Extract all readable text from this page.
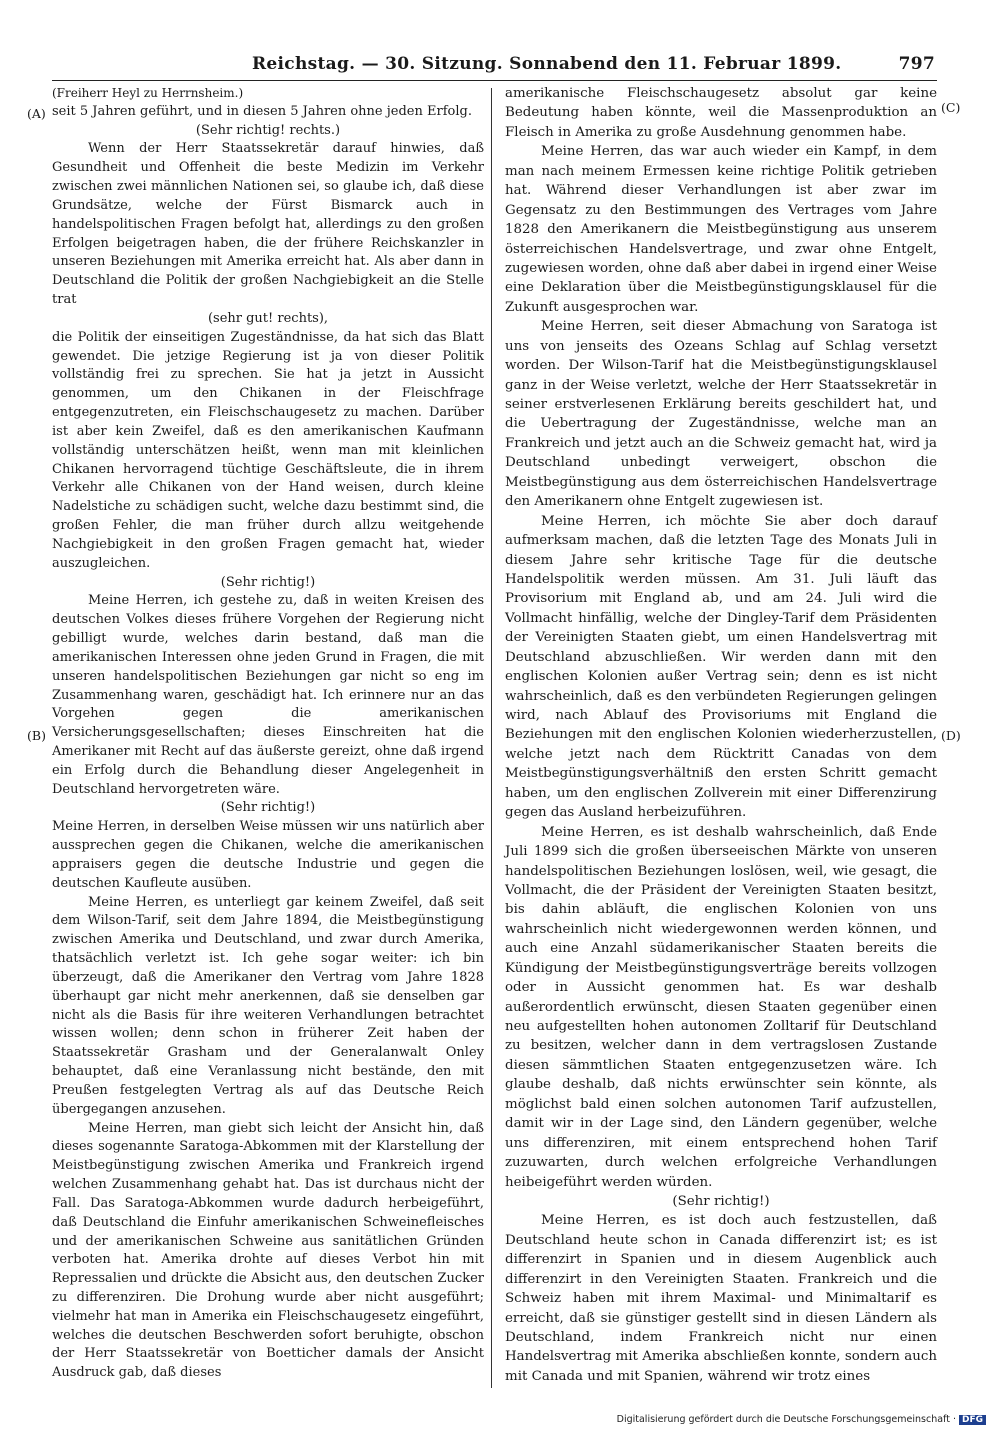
Reichstag. — 30. Sitzung. Sonnabend den 11. Februar 1899.	797
(A)
(B)
(C)
(D)

(Freiherr Heyl zu Herrnsheim.)

seit 5 Jahren geführt, und in diesen 5 Jahren ohne jeden Erfolg.

(Sehr richtig! rechts.)

Wenn der Herr Staatssekretär darauf hinwies, daß Gesundheit und Offenheit die beste Medizin im Verkehr zwischen zwei männlichen Nationen sei, so glaube ich, daß diese Grundsätze, welche der Fürst Bismarck auch in handelspolitischen Fragen befolgt hat, allerdings zu den großen Erfolgen beigetragen haben, die der frühere Reichskanzler in unseren Beziehungen mit Amerika erreicht hat. Als aber dann in Deutschland die Politik der großen Nachgiebigkeit an die Stelle trat

(sehr gut! rechts),

die Politik der einseitigen Zugeständnisse, da hat sich das Blatt gewendet. Die jetzige Regierung ist ja von dieser Politik vollständig frei zu sprechen. Sie hat ja jetzt in Aussicht genommen, um den Chikanen in der Fleischfrage entgegenzutreten, ein Fleischschaugesetz zu machen. Darüber ist aber kein Zweifel, daß es den amerikanischen Kaufmann vollständig unterschätzen heißt, wenn man mit kleinlichen Chikanen hervorragend tüchtige Geschäftsleute, die in ihrem Verkehr alle Chikanen von der Hand weisen, durch kleine Nadelstiche zu schädigen sucht, welche dazu bestimmt sind, die großen Fehler, die man früher durch allzu weitgehende Nachgiebigkeit in den großen Fragen gemacht hat, wieder auszugleichen.

(Sehr richtig!)

Meine Herren, ich gestehe zu, daß in weiten Kreisen des deutschen Volkes dieses frühere Vorgehen der Regierung nicht gebilligt wurde, welches darin bestand, daß man die amerikanischen Interessen ohne jeden Grund in Fragen, die mit unseren handelspolitischen Beziehungen gar nicht so eng im Zusammenhang waren, geschädigt hat. Ich erinnere nur an das Vorgehen gegen die amerikanischen Versicherungsgesellschaften; dieses Einschreiten hat die Amerikaner mit Recht auf das äußerste gereizt, ohne daß irgend ein Erfolg durch die Behandlung dieser Angelegenheit in Deutschland hervorgetreten wäre.

(Sehr richtig!)

Meine Herren, in derselben Weise müssen wir uns natürlich aber aussprechen gegen die Chikanen, welche die amerikanischen appraisers gegen die deutsche Industrie und gegen die deutschen Kaufleute ausüben.

Meine Herren, es unterliegt gar keinem Zweifel, daß seit dem Wilson-Tarif, seit dem Jahre 1894, die Meistbegünstigung zwischen Amerika und Deutschland, und zwar durch Amerika, thatsächlich verletzt ist. Ich gehe sogar weiter: ich bin überzeugt, daß die Amerikaner den Vertrag vom Jahre 1828 überhaupt gar nicht mehr anerkennen, daß sie denselben gar nicht als die Basis für ihre weiteren Verhandlungen betrachtet wissen wollen; denn schon in früherer Zeit haben der Staatssekretär Grasham und der Generalanwalt Onley behauptet, daß eine Veranlassung nicht bestände, den mit Preußen festgelegten Vertrag als auf das Deutsche Reich übergegangen anzusehen.

Meine Herren, man giebt sich leicht der Ansicht hin, daß dieses sogenannte Saratoga-Abkommen mit der Klarstellung der Meistbegünstigung zwischen Amerika und Frankreich irgend welchen Zusammenhang gehabt hat. Das ist durchaus nicht der Fall. Das Saratoga-Abkommen wurde dadurch herbeigeführt, daß Deutschland die Einfuhr amerikanischen Schweinefleisches und der amerikanischen Schweine aus sanitätlichen Gründen verboten hat. Amerika drohte auf dieses Verbot hin mit Repressalien und drückte die Absicht aus, den deutschen Zucker zu differenziren. Die Drohung wurde aber nicht ausgeführt; vielmehr hat man in Amerika ein Fleischschaugesetz eingeführt, welches die deutschen Beschwerden sofort beruhigte, obschon der Herr Staatssekretär von Boetticher damals der Ansicht Ausdruck gab, daß dieses

amerikanische Fleischschaugesetz absolut gar keine Bedeutung haben könnte, weil die Massenproduktion an Fleisch in Amerika zu große Ausdehnung genommen habe.

Meine Herren, das war auch wieder ein Kampf, in dem man nach meinem Ermessen keine richtige Politik getrieben hat. Während dieser Verhandlungen ist aber zwar im Gegensatz zu den Bestimmungen des Vertrages vom Jahre 1828 den Amerikanern die Meistbegünstigung aus unserem österreichischen Handelsvertrage, und zwar ohne Entgelt, zugewiesen worden, ohne daß aber dabei in irgend einer Weise eine Deklaration über die Meistbegünstigungsklausel für die Zukunft ausgesprochen war.

Meine Herren, seit dieser Abmachung von Saratoga ist uns von jenseits des Ozeans Schlag auf Schlag versetzt worden. Der Wilson-Tarif hat die Meistbegünstigungsklausel ganz in der Weise verletzt, welche der Herr Staatssekretär in seiner erstverlesenen Erklärung bereits geschildert hat, und die Uebertragung der Zugeständnisse, welche man an Frankreich und jetzt auch an die Schweiz gemacht hat, wird ja Deutschland unbedingt verweigert, obschon die Meistbegünstigung aus dem österreichischen Handelsvertrage den Amerikanern ohne Entgelt zugewiesen ist.

Meine Herren, ich möchte Sie aber doch darauf aufmerksam machen, daß die letzten Tage des Monats Juli in diesem Jahre sehr kritische Tage für die deutsche Handelspolitik werden müssen. Am 31. Juli läuft das Provisorium mit England ab, und am 24. Juli wird die Vollmacht hinfällig, welche der Dingley-Tarif dem Präsidenten der Vereinigten Staaten giebt, um einen Handelsvertrag mit Deutschland abzuschließen. Wir werden dann mit den englischen Kolonien außer Vertrag sein; denn es ist nicht wahrscheinlich, daß es den verbündeten Regierungen gelingen wird, nach Ablauf des Provisoriums mit England die Beziehungen mit den englischen Kolonien wiederherzustellen, welche jetzt nach dem Rücktritt Canadas von dem Meistbegünstigungsverhältniß den ersten Schritt gemacht haben, um den englischen Zollverein mit einer Differenzirung gegen das Ausland herbeizuführen.

Meine Herren, es ist deshalb wahrscheinlich, daß Ende Juli 1899 sich die großen überseeischen Märkte von unseren handelspolitischen Beziehungen loslösen, weil, wie gesagt, die Vollmacht, die der Präsident der Vereinigten Staaten besitzt, bis dahin abläuft, die englischen Kolonien von uns wahrscheinlich nicht wiedergewonnen werden können, und auch eine Anzahl südamerikanischer Staaten bereits die Kündigung der Meistbegünstigungsverträge bereits vollzogen oder in Aussicht genommen hat. Es war deshalb außerordentlich erwünscht, diesen Staaten gegenüber einen neu aufgestellten hohen autonomen Zolltarif für Deutschland zu besitzen, welcher dann in dem vertragslosen Zustande diesen sämmtlichen Staaten entgegenzusetzen wäre. Ich glaube deshalb, daß nichts erwünschter sein könnte, als möglichst bald einen solchen autonomen Tarif aufzustellen, damit wir in der Lage sind, den Ländern gegenüber, welche uns differenziren, mit einem entsprechend hohen Tarif zuzuwarten, durch welchen erfolgreiche Verhandlungen heibeigeführt werden würden.

(Sehr richtig!)

Meine Herren, es ist doch auch festzustellen, daß Deutschland heute schon in Canada differenzirt ist; es ist differenzirt in Spanien und in diesem Augenblick auch differenzirt in den Vereinigten Staaten. Frankreich und die Schweiz haben mit ihrem Maximal- und Minimaltarif es erreicht, daß sie günstiger gestellt sind in diesen Ländern als Deutschland, indem Frankreich nicht nur einen Handelsvertrag mit Amerika abschließen konnte, sondern auch mit Canada und mit Spanien, während wir trotz eines

Digitalisierung gefördert durch die Deutsche Forschungsgemeinschaft · DFG
